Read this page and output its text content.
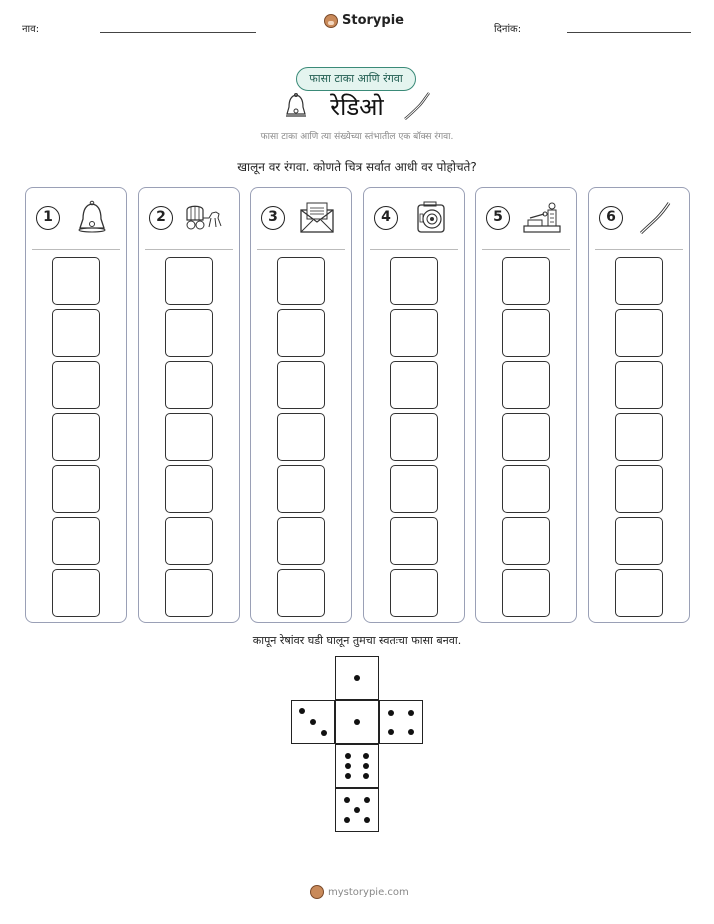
नाव:
Storypie
दिनांक:
फासा टाका आणि रंगवा
रेडिओ
फासा टाका आणि त्या संख्येच्या स्तंभातील एक बॉक्स रंगवा.
खालून वर रंगवा. कोणते चित्र सर्वात आधी वर पोहोचते?
1	2	3	4	5	6
कापून रेषांवर घडी घालून तुमचा स्वतःचा फासा बनवा.
mystorypie.com
